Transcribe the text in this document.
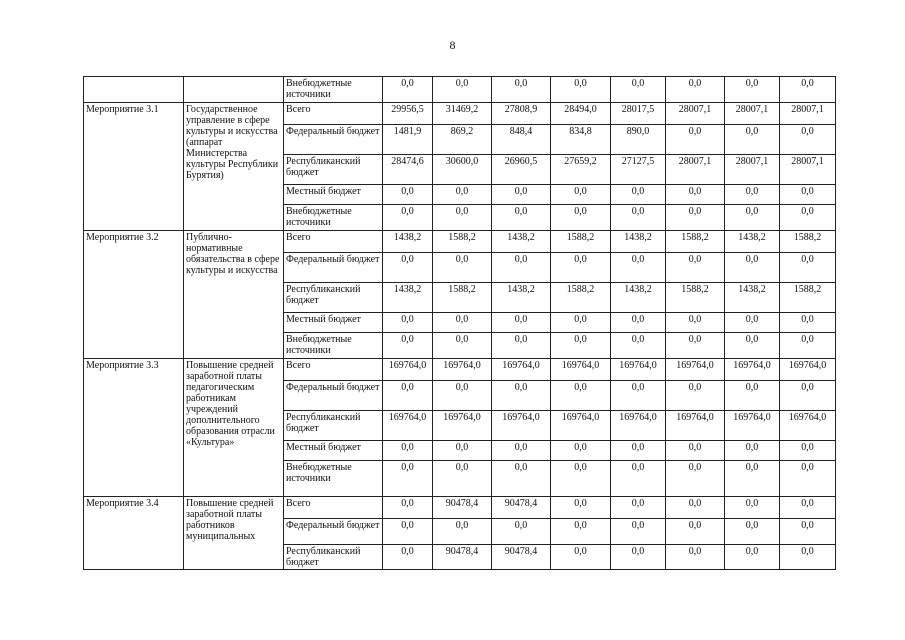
8
		Внебюджетные источники	0,0	0,0	0,0	0,0	0,0	0,0	0,0	0,0
Мероприятие 3.1	Государственное управление в сфере культуры и искусства (аппарат Министерства культуры Республики Бурятия)	Всего	29956,5	31469,2	27808,9	28494,0	28017,5	28007,1	28007,1	28007,1
		Федеральный бюджет	1481,9	869,2	848,4	834,8	890,0	0,0	0,0	0,0
		Республиканский бюджет	28474,6	30600,0	26960,5	27659,2	27127,5	28007,1	28007,1	28007,1
		Местный бюджет	0,0	0,0	0,0	0,0	0,0	0,0	0,0	0,0
		Внебюджетные источники	0,0	0,0	0,0	0,0	0,0	0,0	0,0	0,0
Мероприятие 3.2	Публично-нормативные обязательства в сфере культуры и искусства	Всего	1438,2	1588,2	1438,2	1588,2	1438,2	1588,2	1438,2	1588,2
		Федеральный бюджет	0,0	0,0	0,0	0,0	0,0	0,0	0,0	0,0
		Республиканский бюджет	1438,2	1588,2	1438,2	1588,2	1438,2	1588,2	1438,2	1588,2
		Местный бюджет	0,0	0,0	0,0	0,0	0,0	0,0	0,0	0,0
		Внебюджетные источники	0,0	0,0	0,0	0,0	0,0	0,0	0,0	0,0
Мероприятие 3.3	Повышение средней заработной платы педагогическим работникам учреждений дополнительного образования отрасли «Культура»	Всего	169764,0	169764,0	169764,0	169764,0	169764,0	169764,0	169764,0	169764,0
		Федеральный бюджет	0,0	0,0	0,0	0,0	0,0	0,0	0,0	0,0
		Республиканский бюджет	169764,0	169764,0	169764,0	169764,0	169764,0	169764,0	169764,0	169764,0
		Местный бюджет	0,0	0,0	0,0	0,0	0,0	0,0	0,0	0,0
		Внебюджетные источники	0,0	0,0	0,0	0,0	0,0	0,0	0,0	0,0
Мероприятие 3.4	Повышение средней заработной платы работников муниципальных	Всего	0,0	90478,4	90478,4	0,0	0,0	0,0	0,0	0,0
		Федеральный бюджет	0,0	0,0	0,0	0,0	0,0	0,0	0,0	0,0
		Республиканский бюджет	0,0	90478,4	90478,4	0,0	0,0	0,0	0,0	0,0
